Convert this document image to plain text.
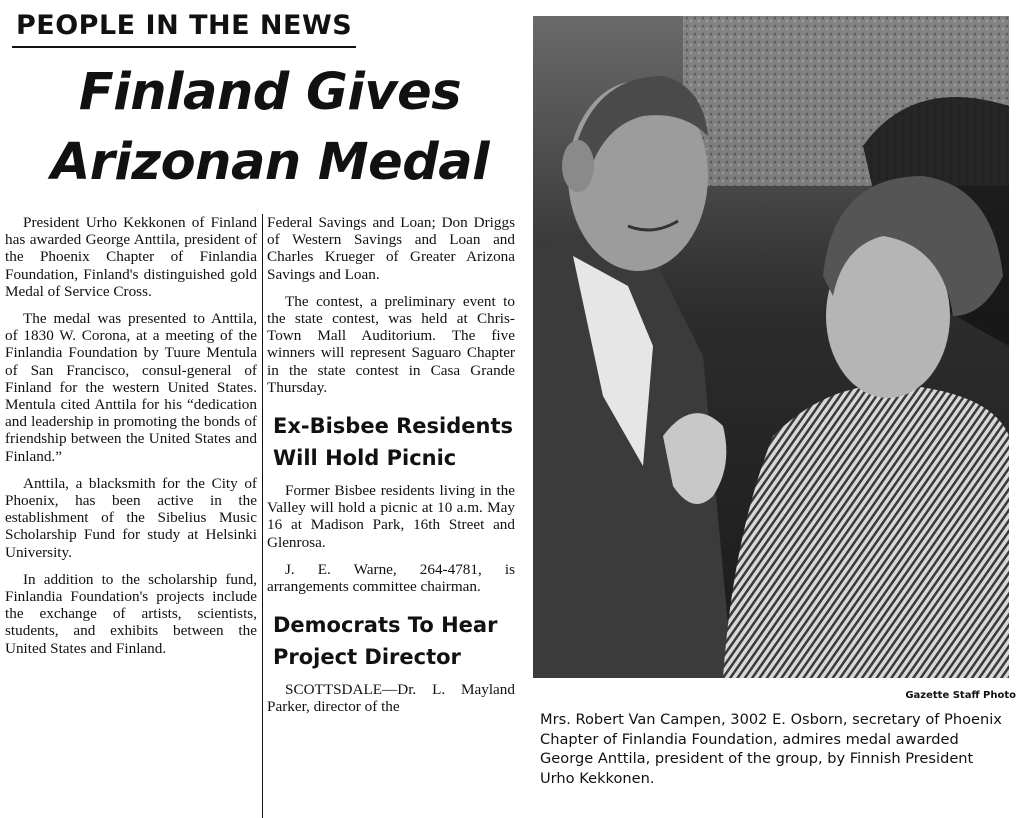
PEOPLE IN THE NEWS
Finland Gives
Arizonan Medal

President Urho Kekkonen of Finland has awarded George Anttila, president of the Phoenix Chapter of Finlandia Foundation, Finland's distinguished gold Medal of Service Cross.

The medal was presented to Anttila, of 1830 W. Corona, at a meeting of the Finlandia Foundation by Tuure Mentula of San Francisco, consul-general of Finland for the western United States. Mentula cited Anttila for his “dedication and leadership in promoting the bonds of friendship between the United States and Finland.”

Anttila, a blacksmith for the City of Phoenix, has been active in the establishment of the Sibelius Music Scholarship Fund for study at Helsinki University.

In addition to the scholarship fund, Finlandia Foundation's projects include the exchange of artists, scientists, students, and exhibits between the United States and Finland.

Federal Savings and Loan; Don Driggs of Western Savings and Loan and Charles Krueger of Greater Arizona Savings and Loan.

The contest, a preliminary event to the state contest, was held at Chris-Town Mall Auditorium. The five winners will represent Saguaro Chapter in the state contest in Casa Grande Thursday.

Ex-Bisbee Residents Will Hold Picnic

Former Bisbee residents living in the Valley will hold a picnic at 10 a.m. May 16 at Madison Park, 16th Street and Glenrosa.

J. E. Warne, 264-4781, is arrangements committee chairman.

Democrats To Hear Project Director

SCOTTSDALE—Dr. L. Mayland Parker, director of the

Gazette Staff Photo
Mrs. Robert Van Campen, 3002 E. Osborn, secretary of Phoenix Chapter of Finlandia Foundation, admires medal awarded George Anttila, president of the group, by Finnish President Urho Kekkonen.
